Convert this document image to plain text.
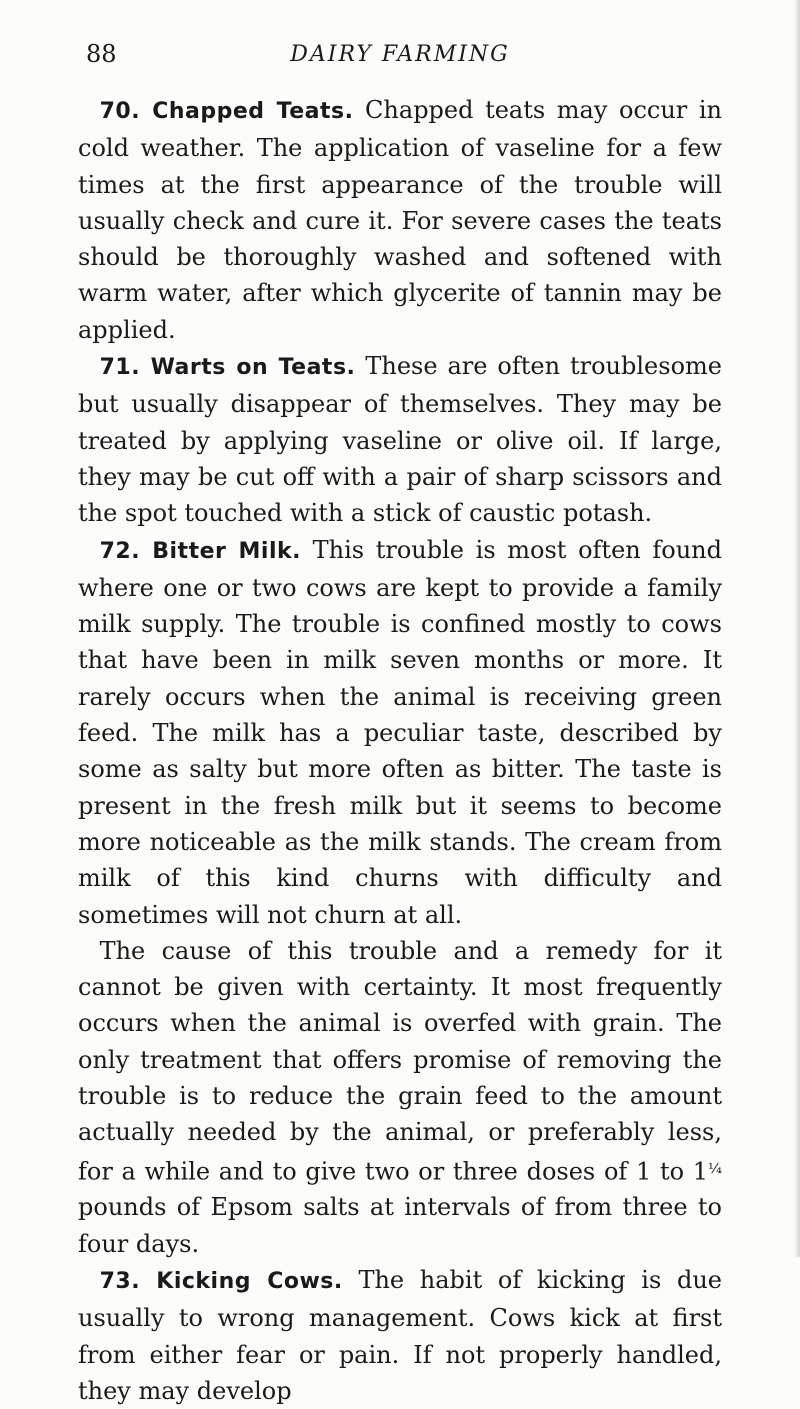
88	DAIRY FARMING

70. Chapped Teats. Chapped teats may occur in cold weather. The application of vaseline for a few times at the first appearance of the trouble will usually check and cure it. For severe cases the teats should be thoroughly washed and softened with warm water, after which glycerite of tannin may be applied.

71. Warts on Teats. These are often troublesome but usually disappear of themselves. They may be treated by applying vaseline or olive oil. If large, they may be cut off with a pair of sharp scissors and the spot touched with a stick of caustic potash.

72. Bitter Milk. This trouble is most often found where one or two cows are kept to provide a family milk supply. The trouble is confined mostly to cows that have been in milk seven months or more. It rarely occurs when the animal is receiving green feed. The milk has a peculiar taste, described by some as salty but more often as bitter. The taste is present in the fresh milk but it seems to become more noticeable as the milk stands. The cream from milk of this kind churns with difficulty and sometimes will not churn at all.

The cause of this trouble and a remedy for it cannot be given with certainty. It most frequently occurs when the animal is overfed with grain. The only treatment that offers promise of removing the trouble is to reduce the grain feed to the amount actually needed by the animal, or preferably less, for a while and to give two or three doses of 1 to $1^{\frac{1}{4}}$ pounds of Epsom salts at intervals of from three to four days.

73. Kicking Cows. The habit of kicking is due usually to wrong management. Cows kick at first from either fear or pain. If not properly handled, they may develop
